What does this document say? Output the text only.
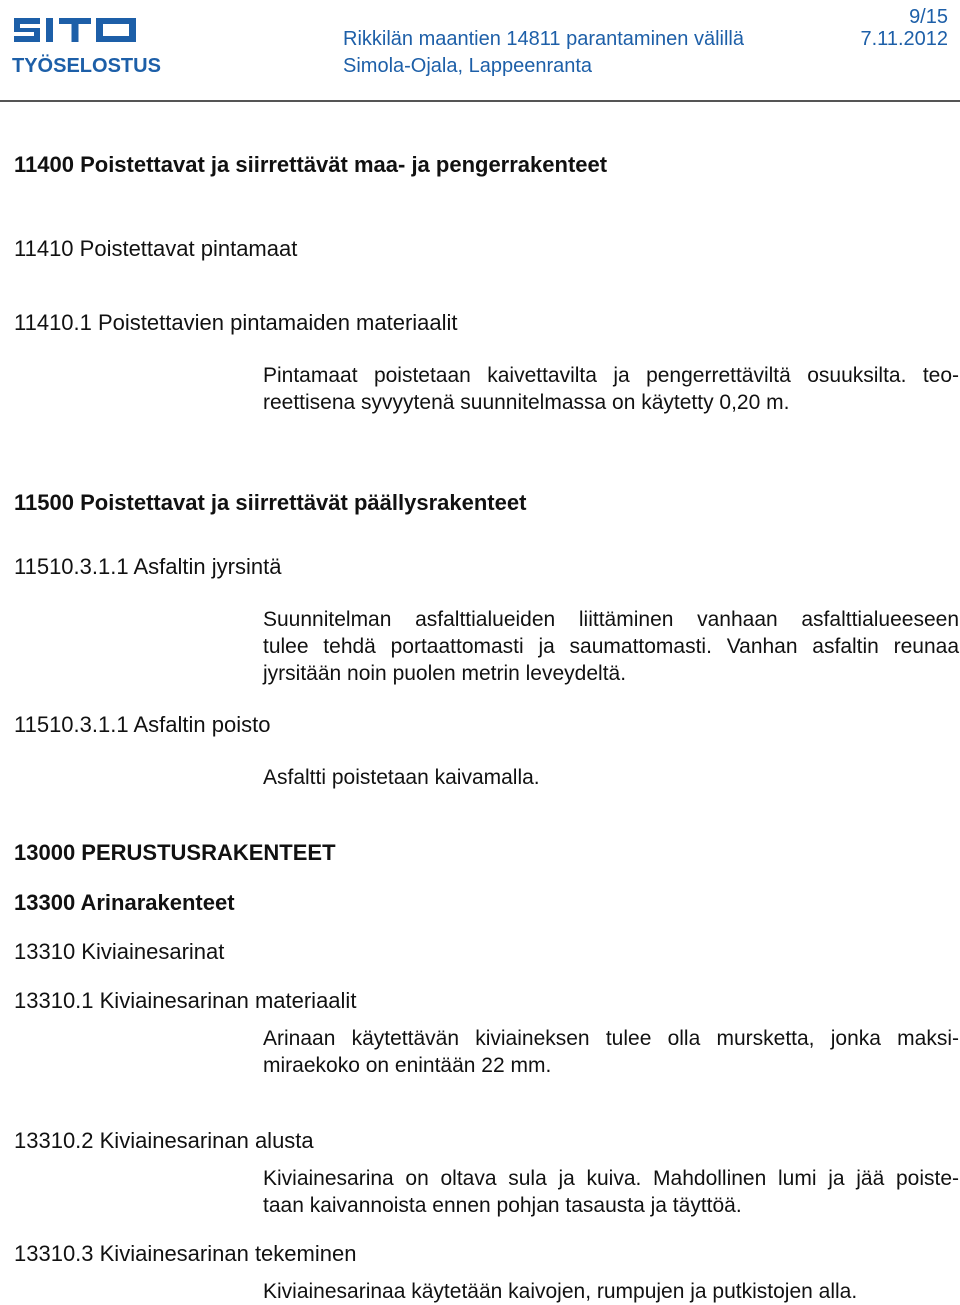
TYÖSELOSTUS
Rikkilän maantien 14811 parantaminen välillä
Simola-Ojala, Lappeenranta
9/15
7.11.2012
11400 Poistettavat ja siirrettävät maa- ja pengerrakenteet
11410 Poistettavat pintamaat
11410.1 Poistettavien pintamaiden materiaalit
Pintamaat poistetaan kaivettavilta ja pengerrettäviltä osuuksilta. teo-
reettisena syvyytenä suunnitelmassa on käytetty 0,20 m.
11500 Poistettavat ja siirrettävät päällysrakenteet
11510.3.1.1 Asfaltin jyrsintä
Suunnitelman asfalttialueiden liittäminen vanhaan asfalttialueeseen
tulee tehdä portaattomasti ja saumattomasti. Vanhan asfaltin reunaa
jyrsitään noin puolen metrin leveydeltä.
11510.3.1.1 Asfaltin poisto
Asfaltti poistetaan kaivamalla.
13000 PERUSTUSRAKENTEET
13300 Arinarakenteet
13310 Kiviainesarinat
13310.1 Kiviainesarinan materiaalit
Arinaan käytettävän kiviaineksen tulee olla mursketta, jonka maksi-
miraekoko on enintään 22 mm.
13310.2 Kiviainesarinan alusta
Kiviainesarina on oltava sula ja kuiva. Mahdollinen lumi ja jää poiste-
taan kaivannoista ennen pohjan tasausta ja täyttöä.
13310.3 Kiviainesarinan tekeminen
Kiviainesarinaa käytetään kaivojen, rumpujen ja putkistojen alla.
